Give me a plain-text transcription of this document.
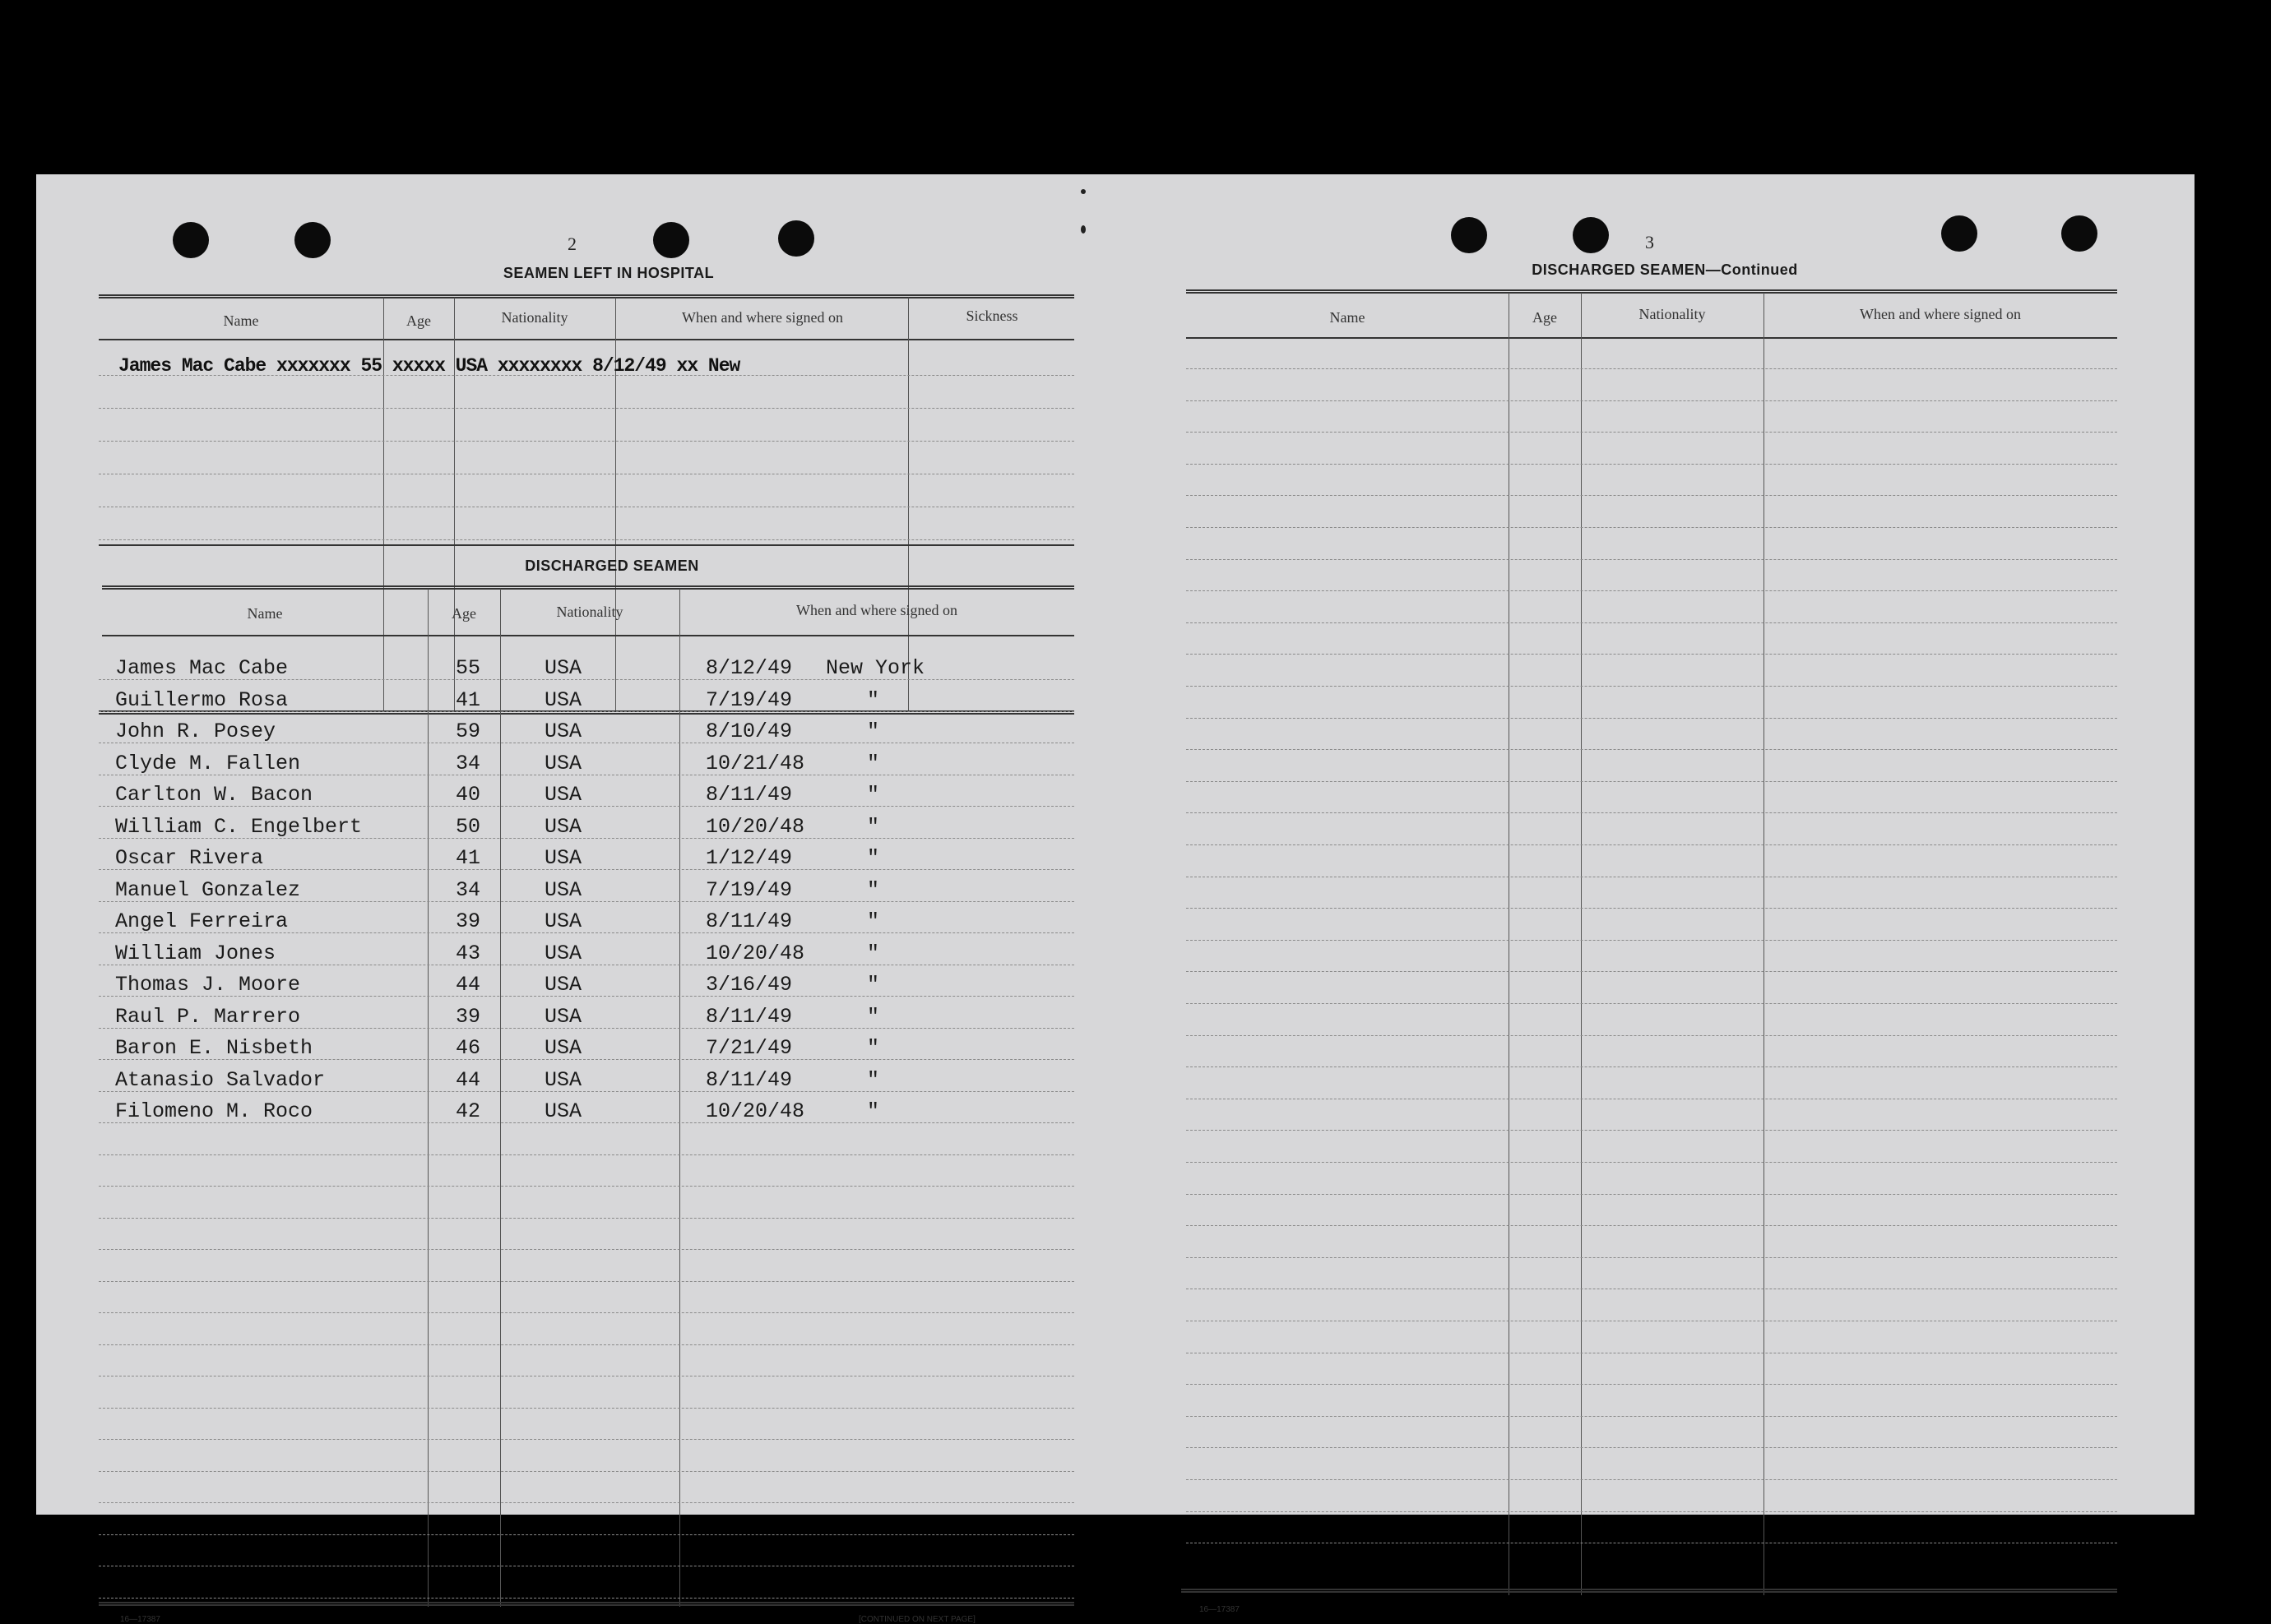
2
SEAMEN LEFT IN HOSPITAL
Name	Age	Nationality	When and where signed on	Sickness
James Mac Cabe xxxxxxx 55 xxxxx USA xxxxxxxx 8/12/49 xx New
DISCHARGED SEAMEN
Name	Age	Nationality	When and where signed on
James Mac Cabe	55	USA	8/12/49 New York
Guillermo Rosa	41	USA	7/19/49	"
John R. Posey	59	USA	8/10/49	"
Clyde M. Fallen	34	USA	10/21/48	"
Carlton W. Bacon	40	USA	8/11/49	"
William C. Engelbert	50	USA	10/20/48	"
Oscar Rivera	41	USA	1/12/49	"
Manuel Gonzalez	34	USA	7/19/49	"
Angel Ferreira	39	USA	8/11/49	"
William Jones	43	USA	10/20/48	"
Thomas J. Moore	44	USA	3/16/49	"
Raul P. Marrero	39	USA	8/11/49	"
Baron E. Nisbeth	46	USA	7/21/49	"
Atanasio Salvador	44	USA	8/11/49	"
Filomeno M. Roco	42	USA	10/20/48	"
16—17387	[CONTINUED ON NEXT PAGE]
3
DISCHARGED SEAMEN—Continued
Name	Age	Nationality	When and where signed on
16—17387
